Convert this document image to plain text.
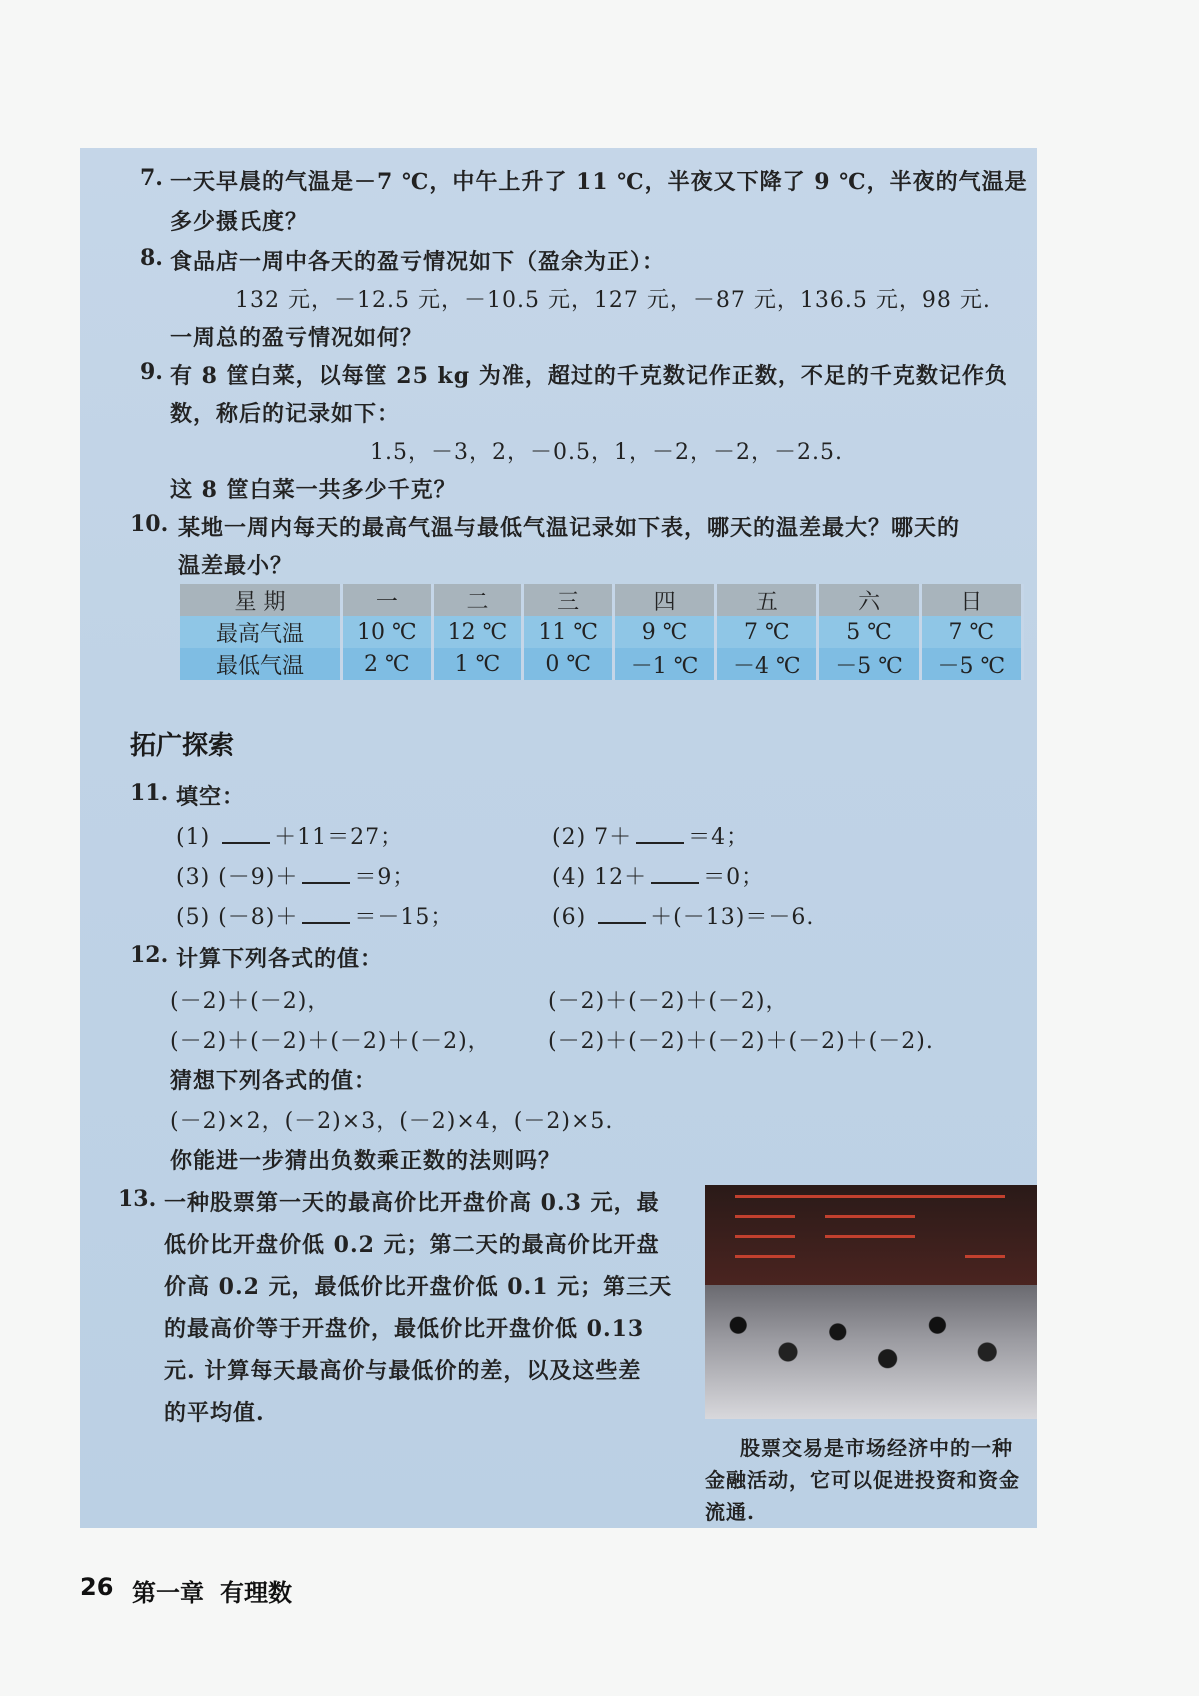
7. 一天早晨的气温是－7 ℃，中午上升了 11 ℃，半夜又下降了 9 ℃，半夜的气温是
多少摄氏度？
8. 食品店一周中各天的盈亏情况如下（盈余为正）：
132 元，－12.5 元，－10.5 元，127 元，－87 元，136.5 元，98 元.
一周总的盈亏情况如何？
9. 有 8 筐白菜，以每筐 25 kg 为准，超过的千克数记作正数，不足的千克数记作负
数，称后的记录如下：
1.5，－3，2，－0.5，1，－2，－2，－2.5.
这 8 筐白菜一共多少千克？
10. 某地一周内每天的最高气温与最低气温记录如下表，哪天的温差最大？哪天的
温差最小？
星 期	一	二	三	四	五	六	日
最高气温	10 ℃	12 ℃	11 ℃	9 ℃	7 ℃	5 ℃	7 ℃
最低气温	2 ℃	1 ℃	0 ℃	－1 ℃	－4 ℃	－5 ℃	－5 ℃
拓广探索
11. 填空：
(1)	＋11＝27；	(2) 7＋	＝4；
(3) (－9)＋	＝9；	(4) 12＋	＝0；
(5) (－8)＋	＝－15；	(6)	＋(－13)＝－6.
12. 计算下列各式的值：
(－2)＋(－2)，	(－2)＋(－2)＋(－2)，
(－2)＋(－2)＋(－2)＋(－2)，	(－2)＋(－2)＋(－2)＋(－2)＋(－2).
猜想下列各式的值：
(－2)×2，(－2)×3，(－2)×4，(－2)×5.
你能进一步猜出负数乘正数的法则吗？
13. 一种股票第一天的最高价比开盘价高 0.3 元，最
低价比开盘价低 0.2 元；第二天的最高价比开盘
价高 0.2 元，最低价比开盘价低 0.1 元；第三天
的最高价等于开盘价，最低价比开盘价低 0.13
元. 计算每天最高价与最低价的差，以及这些差
的平均值.
股票交易是市场经济中的一种
金融活动，它可以促进投资和资金
流通.
26 第一章 有理数
